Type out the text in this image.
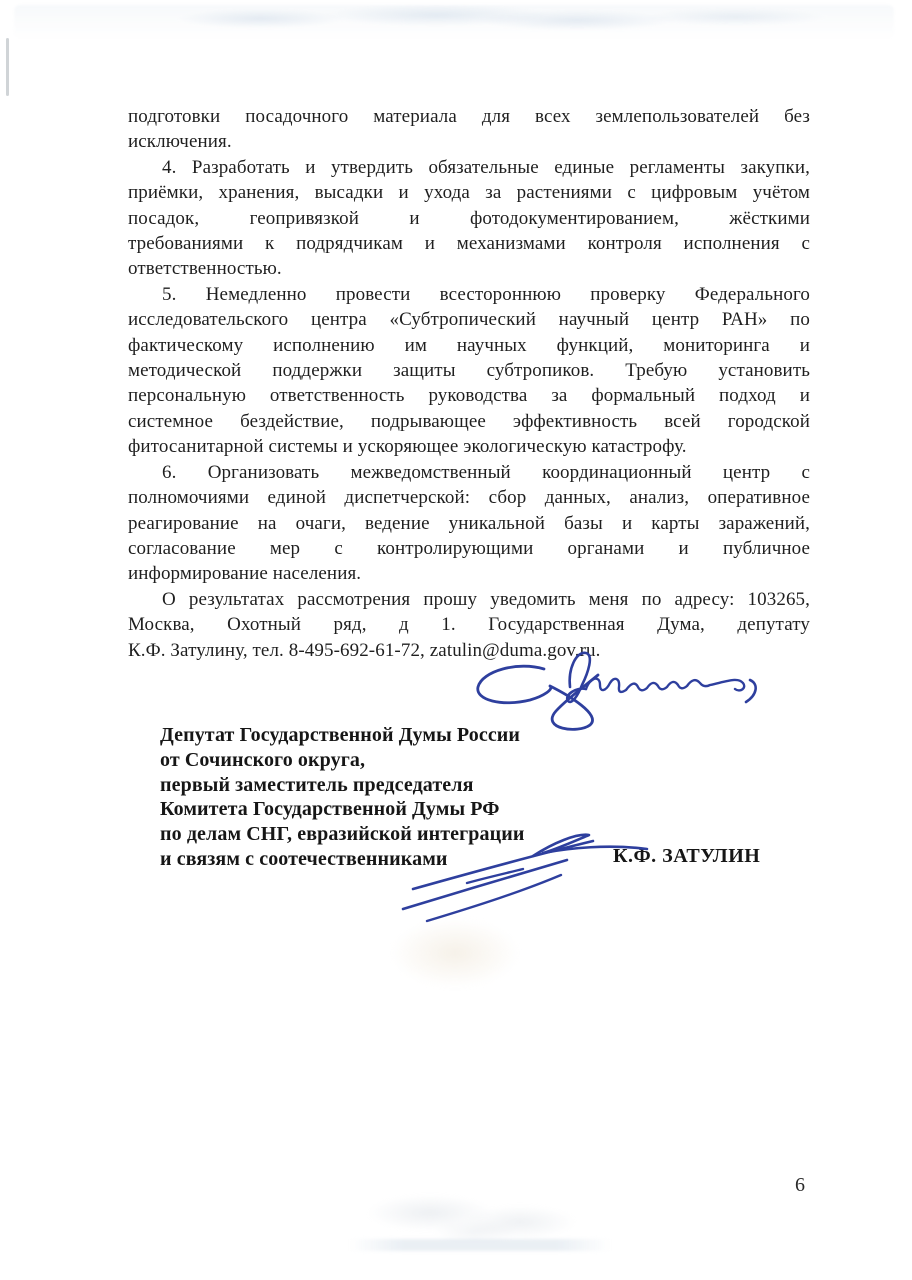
подготовки посадочного материала для всех землепользователей без
исключения.
4. Разработать и утвердить обязательные единые регламенты закупки,
приёмки, хранения, высадки и ухода за растениями с цифровым учётом
посадок, геопривязкой и фотодокументированием, жёсткими
требованиями к подрядчикам и механизмами контроля исполнения с
ответственностью.
5. Немедленно провести всестороннюю проверку Федерального
исследовательского центра «Субтропический научный центр РАН» по
фактическому исполнению им научных функций, мониторинга и
методической поддержки защиты субтропиков. Требую установить
персональную ответственность руководства за формальный подход и
системное бездействие, подрывающее эффективность всей городской
фитосанитарной системы и ускоряющее экологическую катастрофу.
6. Организовать межведомственный координационный центр с
полномочиями единой диспетчерской: сбор данных, анализ, оперативное
реагирование на очаги, ведение уникальной базы и карты заражений,
согласование мер с контролирующими органами и публичное
информирование населения.
О результатах рассмотрения прошу уведомить меня по адресу: 103265,
Москва, Охотный ряд, д 1. Государственная Дума, депутату
К.Ф. Затулину, тел. 8-495-692-61-72, zatulin@duma.gov.ru.
Депутат Государственной Думы России
от Сочинского округа,
первый заместитель председателя
Комитета Государственной Думы РФ
по делам СНГ, евразийской интеграции
и связям с соотечественниками	К.Ф. ЗАТУЛИН
6
